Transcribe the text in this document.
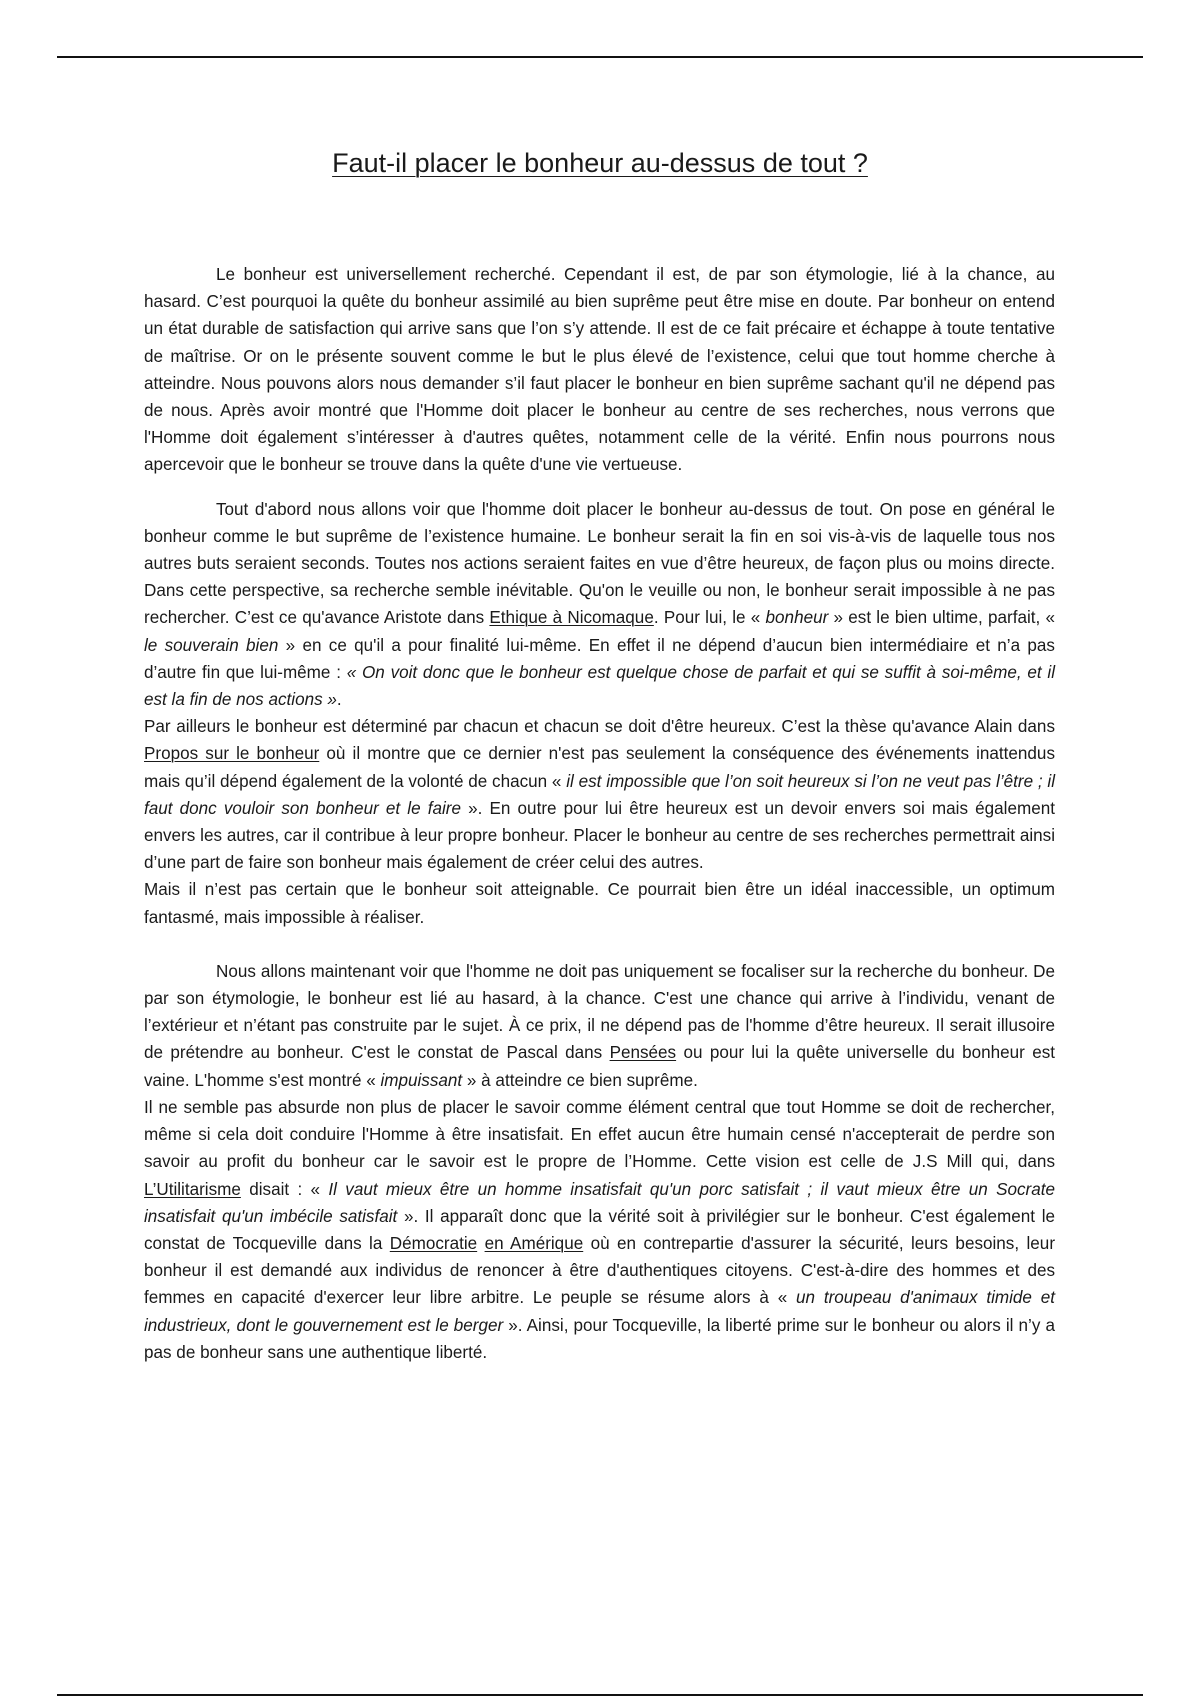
Faut-il placer le bonheur au-dessus de tout ?

Le bonheur est universellement recherché. Cependant il est, de par son étymologie, lié à la chance, au hasard. C’est pourquoi la quête du bonheur assimilé au bien suprême peut être mise en doute. Par bonheur on entend un état durable de satisfaction qui arrive sans que l’on s’y attende. Il est de ce fait précaire et échappe à toute tentative de maîtrise. Or on le présente souvent comme le but le plus élevé de l’existence, celui que tout homme cherche à atteindre. Nous pouvons alors nous demander s’il faut placer le bonheur en bien suprême sachant qu'il ne dépend pas de nous. Après avoir montré que l'Homme doit placer le bonheur au centre de ses recherches, nous verrons que l'Homme doit également s’intéresser à d'autres quêtes, notamment celle de la vérité. Enfin nous pourrons nous apercevoir que le bonheur se trouve dans la quête d'une vie vertueuse.

Tout d'abord nous allons voir que l'homme doit placer le bonheur au-dessus de tout. On pose en général le bonheur comme le but suprême de l’existence humaine. Le bonheur serait la fin en soi vis-à-vis de laquelle tous nos autres buts seraient seconds. Toutes nos actions seraient faites en vue d’être heureux, de façon plus ou moins directe. Dans cette perspective, sa recherche semble inévitable. Qu'on le veuille ou non, le bonheur serait impossible à ne pas rechercher. C’est ce qu'avance Aristote dans Ethique à Nicomaque. Pour lui, le « bonheur » est le bien ultime, parfait, « le souverain bien » en ce qu'il a pour finalité lui-même. En effet il ne dépend d’aucun bien intermédiaire et n’a pas d’autre fin que lui-même : « On voit donc que le bonheur est quelque chose de parfait et qui se suffit à soi-même, et il est la fin de nos actions ».

Par ailleurs le bonheur est déterminé par chacun et chacun se doit d'être heureux. C’est la thèse qu'avance Alain dans Propos sur le bonheur où il montre que ce dernier n'est pas seulement la conséquence des événements inattendus mais qu’il dépend également de la volonté de chacun « il est impossible que l’on soit heureux si l’on ne veut pas l’être ; il faut donc vouloir son bonheur et le faire ». En outre pour lui être heureux est un devoir envers soi mais également envers les autres, car il contribue à leur propre bonheur. Placer le bonheur au centre de ses recherches permettrait ainsi d’une part de faire son bonheur mais également de créer celui des autres.

Mais il n’est pas certain que le bonheur soit atteignable. Ce pourrait bien être un idéal inaccessible, un optimum fantasmé, mais impossible à réaliser.

Nous allons maintenant voir que l'homme ne doit pas uniquement se focaliser sur la recherche du bonheur. De par son étymologie, le bonheur est lié au hasard, à la chance. C'est une chance qui arrive à l’individu, venant de l’extérieur et n’étant pas construite par le sujet. À ce prix, il ne dépend pas de l'homme d’être heureux. Il serait illusoire de prétendre au bonheur. C'est le constat de Pascal dans Pensées ou pour lui la quête universelle du bonheur est vaine. L'homme s'est montré « impuissant » à atteindre ce bien suprême.

Il ne semble pas absurde non plus de placer le savoir comme élément central que tout Homme se doit de rechercher, même si cela doit conduire l'Homme à être insatisfait. En effet aucun être humain censé n'accepterait de perdre son savoir au profit du bonheur car le savoir est le propre de l’Homme. Cette vision est celle de J.S Mill qui, dans L’Utilitarisme disait : « Il vaut mieux être un homme insatisfait qu'un porc satisfait ; il vaut mieux être un Socrate insatisfait qu'un imbécile satisfait ». Il apparaît donc que la vérité soit à privilégier sur le bonheur. C'est également le constat de Tocqueville dans la Démocratie en Amérique où en contrepartie d'assurer la sécurité, leurs besoins, leur bonheur il est demandé aux individus de renoncer à être d'authentiques citoyens. C'est-à-dire des hommes et des femmes en capacité d'exercer leur libre arbitre. Le peuple se résume alors à « un troupeau d'animaux timide et industrieux, dont le gouvernement est le berger ». Ainsi, pour Tocqueville, la liberté prime sur le bonheur ou alors il n’y a pas de bonheur sans une authentique liberté.
